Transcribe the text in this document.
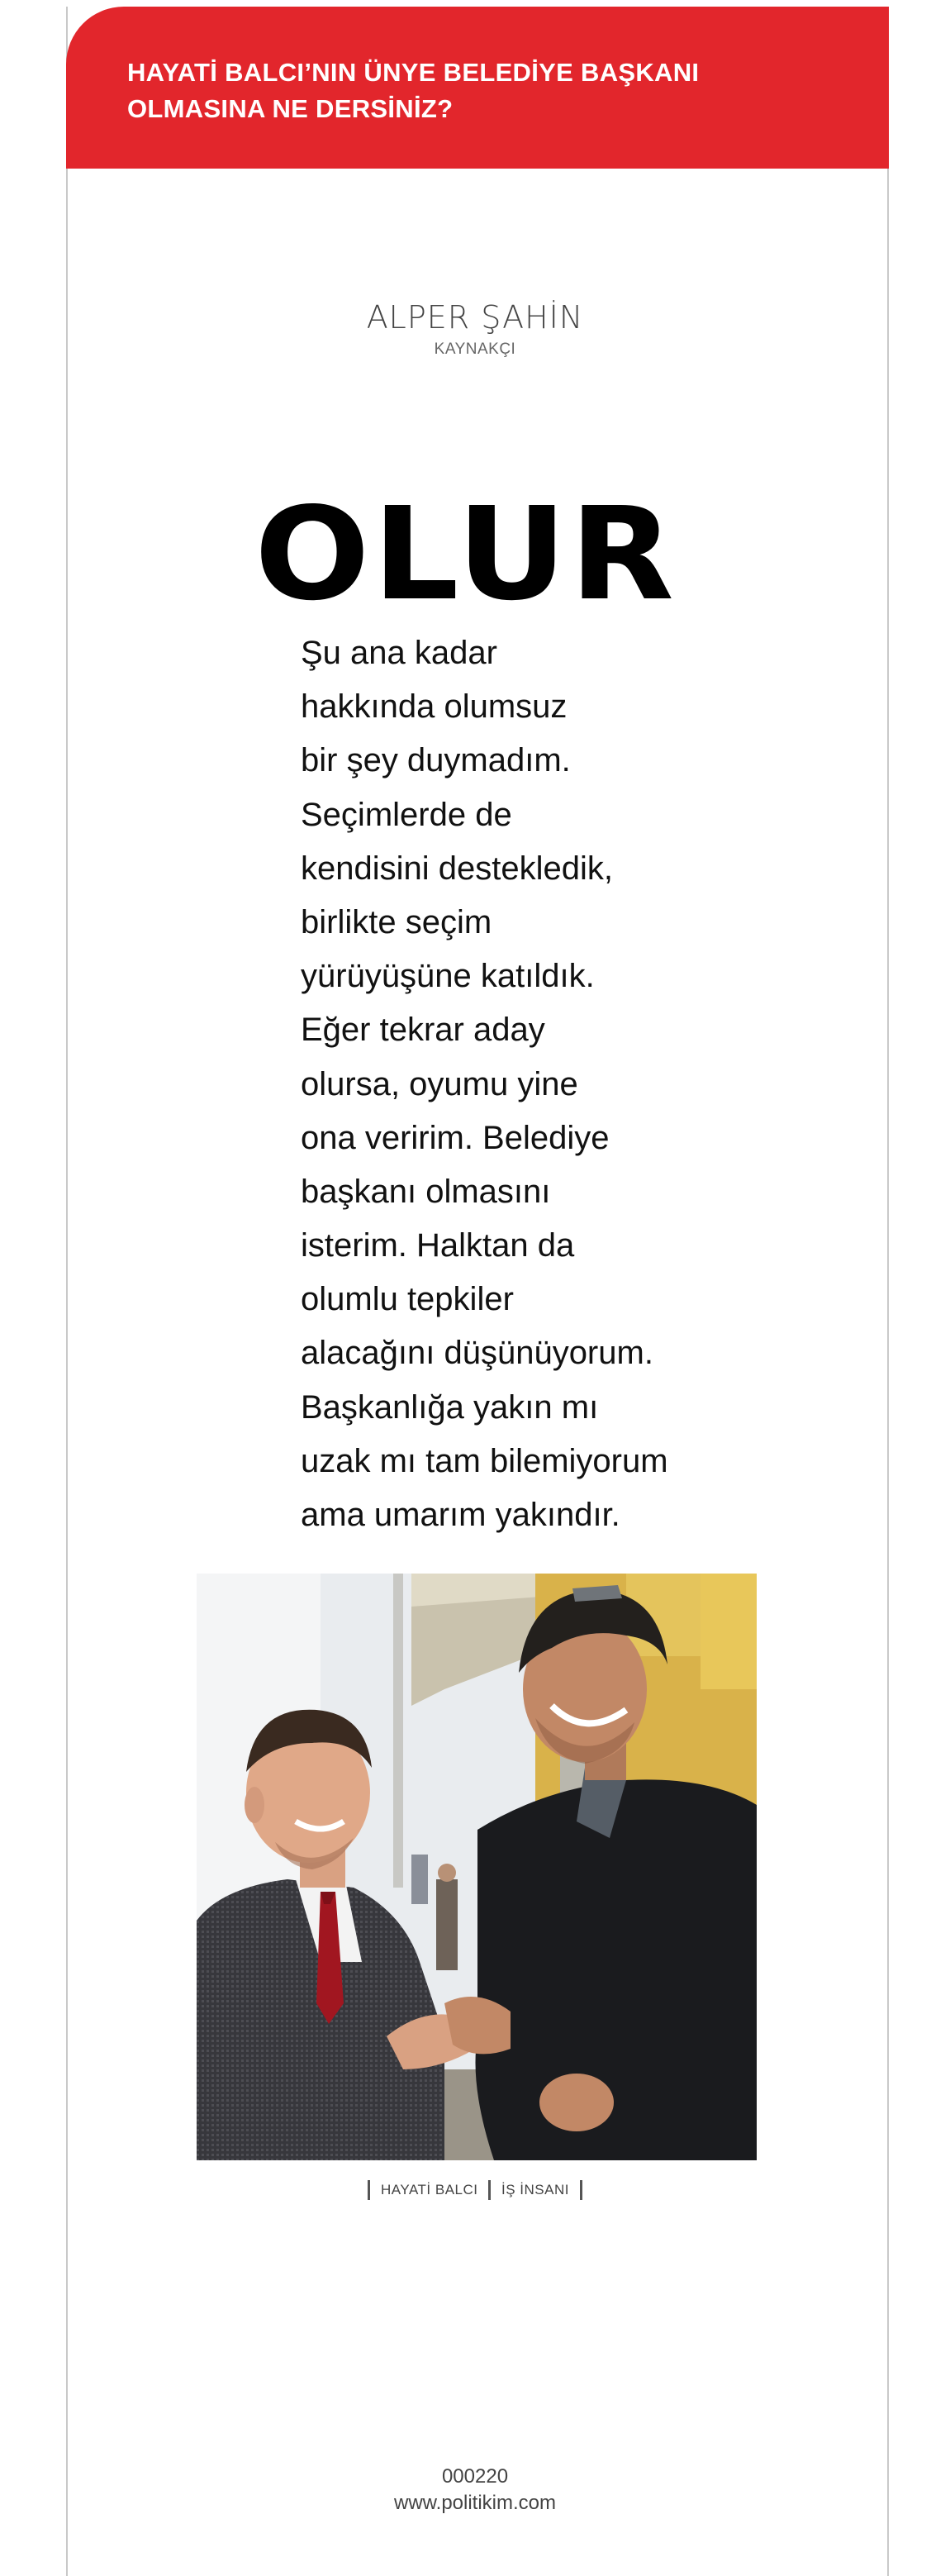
HAYATİ BALCI’NIN ÜNYE BELEDİYE BAŞKANI
OLMASINA NE DERSİNİZ?
ALPER ŞAHİN
KAYNAKÇI
OLUR
Şu ana kadar
hakkında olumsuz
bir şey duymadım.
Seçimlerde de
kendisini destekledik,
birlikte seçim
yürüyüşüne katıldık.
Eğer tekrar aday
olursa, oyumu yine
ona veririm. Belediye
başkanı olmasını
isterim. Halktan da
olumlu tepkiler
alacağını düşünüyorum.
Başkanlığa yakın mı
uzak mı tam bilemiyorum
ama umarım yakındır.
HAYATİ BALCI İŞ İNSANI
000220
www.politikim.com
